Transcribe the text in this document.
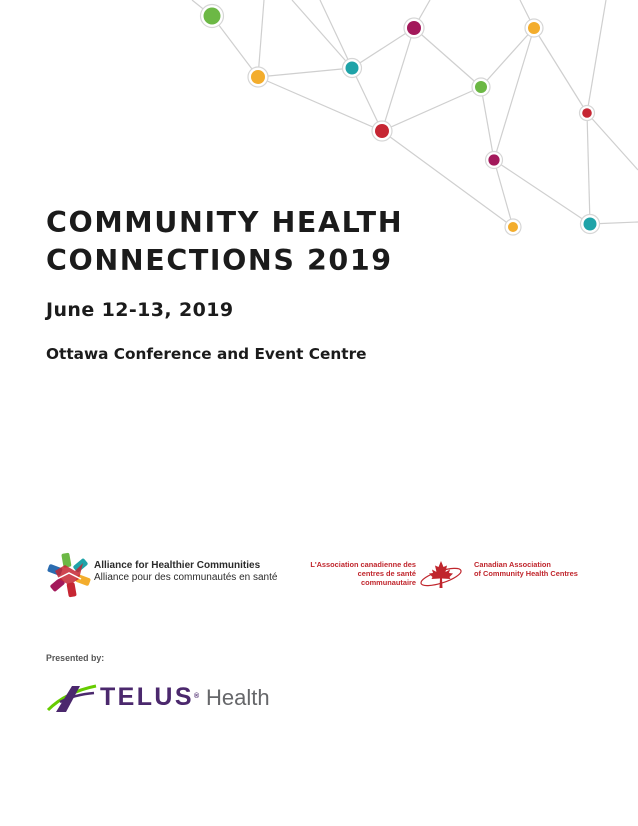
COMMUNITY HEALTH
CONNECTIONS 2019

June 12-13, 2019

Ottawa Conference and Event Centre

Alliance for Healthier Communities
Alliance pour des communautés en santé
L'Association canadienne des
centres de santé communautaire
Canadian Association
of Community Health Centres

Presented by:

TELUS® Health
